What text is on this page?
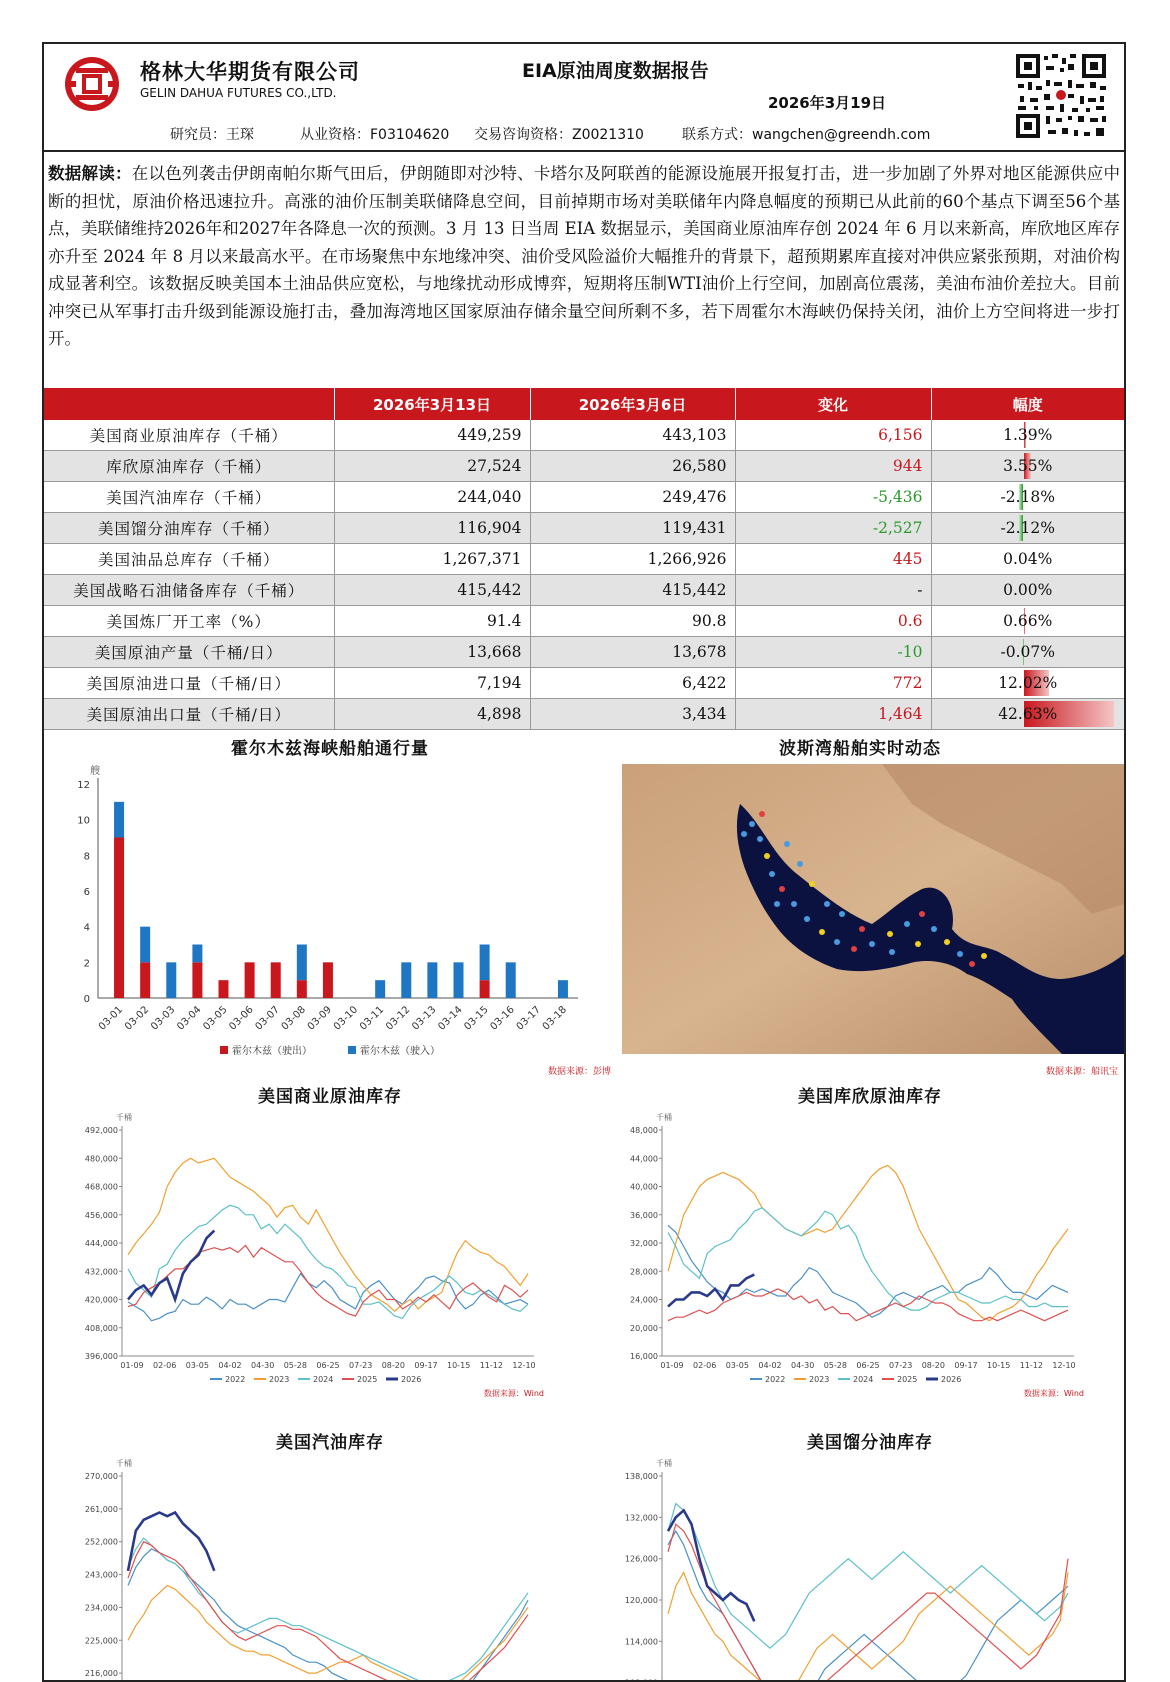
格林大华期货有限公司
GELIN DAHUA FUTURES CO.,LTD.
EIA原油周度数据报告
2026年3月19日
研究员：王琛	从业资格：F03104620 交易咨询资格：Z0021310	联系方式：wangchen@greendh.com
数据解读：在以色列袭击伊朗南帕尔斯气田后，伊朗随即对沙特、卡塔尔及阿联酋的能源设施展开报复打击，进一步加剧了外界对地区能源供应中断的担忧，原油价格迅速拉升。高涨的油价压制美联储降息空间，目前掉期市场对美联储年内降息幅度的预期已从此前的60个基点下调至56个基点，美联储维持2026年和2027年各降息一次的预测。3 月 13 日当周 EIA 数据显示，美国商业原油库存创 2024 年 6 月以来新高，库欣地区库存亦升至 2024 年 8 月以来最高水平。在市场聚焦中东地缘冲突、油价受风险溢价大幅推升的背景下，超预期累库直接对冲供应紧张预期，对油价构成显著利空。该数据反映美国本土油品供应宽松，与地缘扰动形成博弈，短期将压制WTI油价上行空间，加剧高位震荡，美油布油价差拉大。目前冲突已从军事打击升级到能源设施打击，叠加海湾地区国家原油存储余量空间所剩不多，若下周霍尔木海峡仍保持关闭，油价上方空间将进一步打开。
	2026年3月13日	2026年3月6日	变化	幅度
美国商业原油库存（千桶）	449,259	443,103	6,156	1.39%
库欣原油库存（千桶）	27,524	26,580	944	3.55%
美国汽油库存（千桶）	244,040	249,476	-5,436	-2.18%
美国馏分油库存（千桶）	116,904	119,431	-2,527	-2.12%
美国油品总库存（千桶）	1,267,371	1,266,926	445	0.04%
美国战略石油储备库存（千桶）	415,442	415,442	-	0.00%
美国炼厂开工率（%）	91.4	90.8	0.6	0.66%
美国原油产量（千桶/日）	13,668	13,678	-10	-0.07%
美国原油进口量（千桶/日）	7,194	6,422	772	12.02%
美国原油出口量（千桶/日）	4,898	3,434	1,464	42.63%
霍尔木兹海峡船舶通行量
艘
0
2
4
6
8
10
12
03-01
03-02
03-03
03-04
03-05
03-06
03-07
03-08
03-09
03-10
03-11
03-12
03-13
03-14
03-15
03-16
03-17
03-18
霍尔木兹（驶出）	霍尔木兹（驶入）
数据来源：彭博
波斯湾船舶实时动态
数据来源：船讯宝
美国商业原油库存
千桶
396,000
408,000
420,000
432,000
444,000
456,000
468,000
480,000
492,000
01-09 02-06 03-05 04-02 04-30 05-28 06-25 07-23 08-20 09-17 10-15 11-12 12-10
2022	2023	2024	2025	2026
数据来源：Wind
美国库欣原油库存
千桶
16,000
20,000
24,000
28,000
32,000
36,000
40,000
44,000
48,000
01-09 02-06 03-05 04-02 04-30 05-28 06-25 07-23 08-20 09-17 10-15 11-12 12-10
2022	2023	2024	2025	2026
数据来源：Wind
美国汽油库存
千桶
216,000
225,000
234,000
243,000
252,000
261,000
270,000
美国馏分油库存
千桶
114,000
120,000
126,000
132,000
138,000
